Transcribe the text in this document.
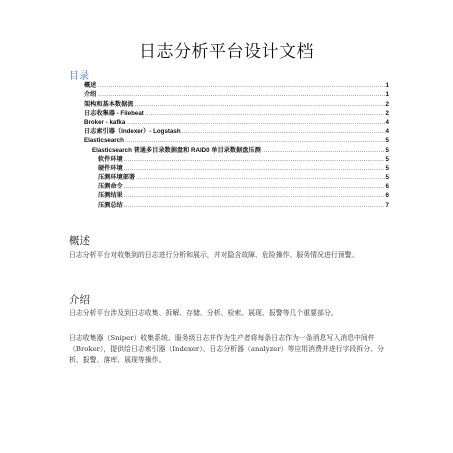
日志分析平台设计文档
目录
概述 .....	1
介绍 .....	1
架构和基本数据流 .....	2
日志收集器 - Filebeat .....	2
Broker - kafka .....	4
日志索引器（Indexer）- Logstash .....	4
Elasticsearch .....	5
Elasticsearch 普通多目录数据盘和 RAID0 单目录数据盘压测 .....	5
软件环境 .....	5
硬件环境 .....	5
压测环境部署 .....	5
压测命令 .....	6
压测结果 .....	6
压测总结 .....	7
概述
日志分析平台对收集到的日志进行分析和展示，并对隐含故障、危险操作、服务情况进行预警。
介绍
日志分析平台涉及到日志收集、拆解、存储、分析、检索、展现、报警等几个重要部分。
日志收集器（Sniper）收集系统、服务级日志并作为生产者将每条日志作为一条消息写入消息中间件（Broker），提供给日志索引器（Indexer）、日志分析器（analyzer）等应用消费并进行字段拆分、分析、报警、落库、展现等操作。
